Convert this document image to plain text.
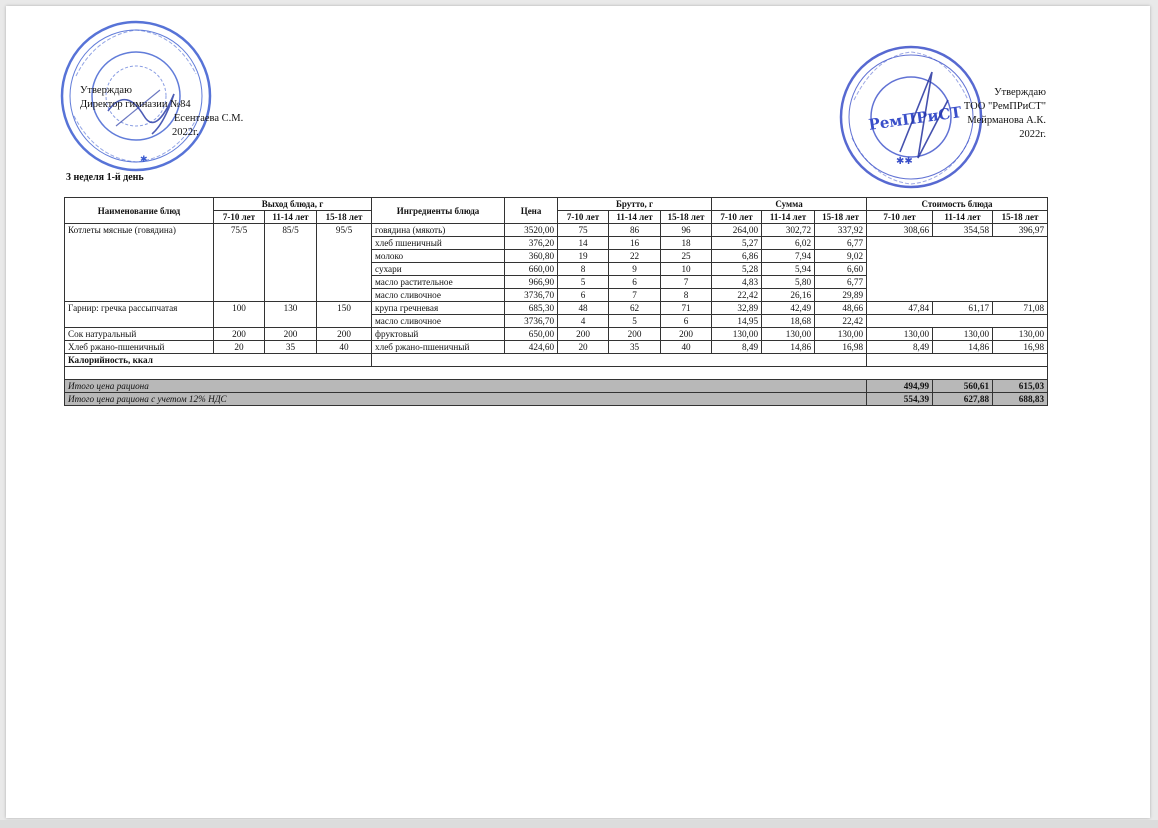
✱
РемПРиСТ
✱✱
Утверждаю
Директор гимназии №84
Есентаева С.М.
2022г.
Утверждаю
ТОО "РемПРиСТ"
Мейрманова А.К.
2022г.
3 неделя 1-й день
Наименование блюд	Выход блюда, г			Ингредиенты блюда	Цена	Брутто, г			Сумма			Стоимость блюда		
	7-10 лет	11-14 лет	15-18 лет			7-10 лет	11-14 лет	15-18 лет	7-10 лет	11-14 лет	15-18 лет	7-10 лет	11-14 лет	15-18 лет
Котлеты мясные (говядина)	75/5	85/5	95/5	говядина (мякоть)	3520,00	75	86	96	264,00	302,72	337,92	308,66	354,58	396,97
				хлеб пшеничный	376,20	14	16	18	5,27	6,02	6,77			
				молоко	360,80	19	22	25	6,86	7,94	9,02			
				сухари	660,00	8	9	10	5,28	5,94	6,60			
				масло растительное	966,90	5	6	7	4,83	5,80	6,77			
				масло сливочное	3736,70	6	7	8	22,42	26,16	29,89			
Гарнир: гречка рассыпчатая	100	130	150	крупа гречневая	685,30	48	62	71	32,89	42,49	48,66	47,84	61,17	71,08
				масло сливочное	3736,70	4	5	6	14,95	18,68	22,42			
Сок натуральный	200	200	200	фруктовый	650,00	200	200	200	130,00	130,00	130,00	130,00	130,00	130,00
Хлеб ржано-пшеничный	20	35	40	хлеб ржано-пшеничный	424,60	20	35	40	8,49	14,86	16,98	8,49	14,86	16,98
Калорийность, ккал														

Итого цена рациона												494,99	560,61	615,03
Итого цена рациона с учетом 12% НДС												554,39	627,88	688,83
